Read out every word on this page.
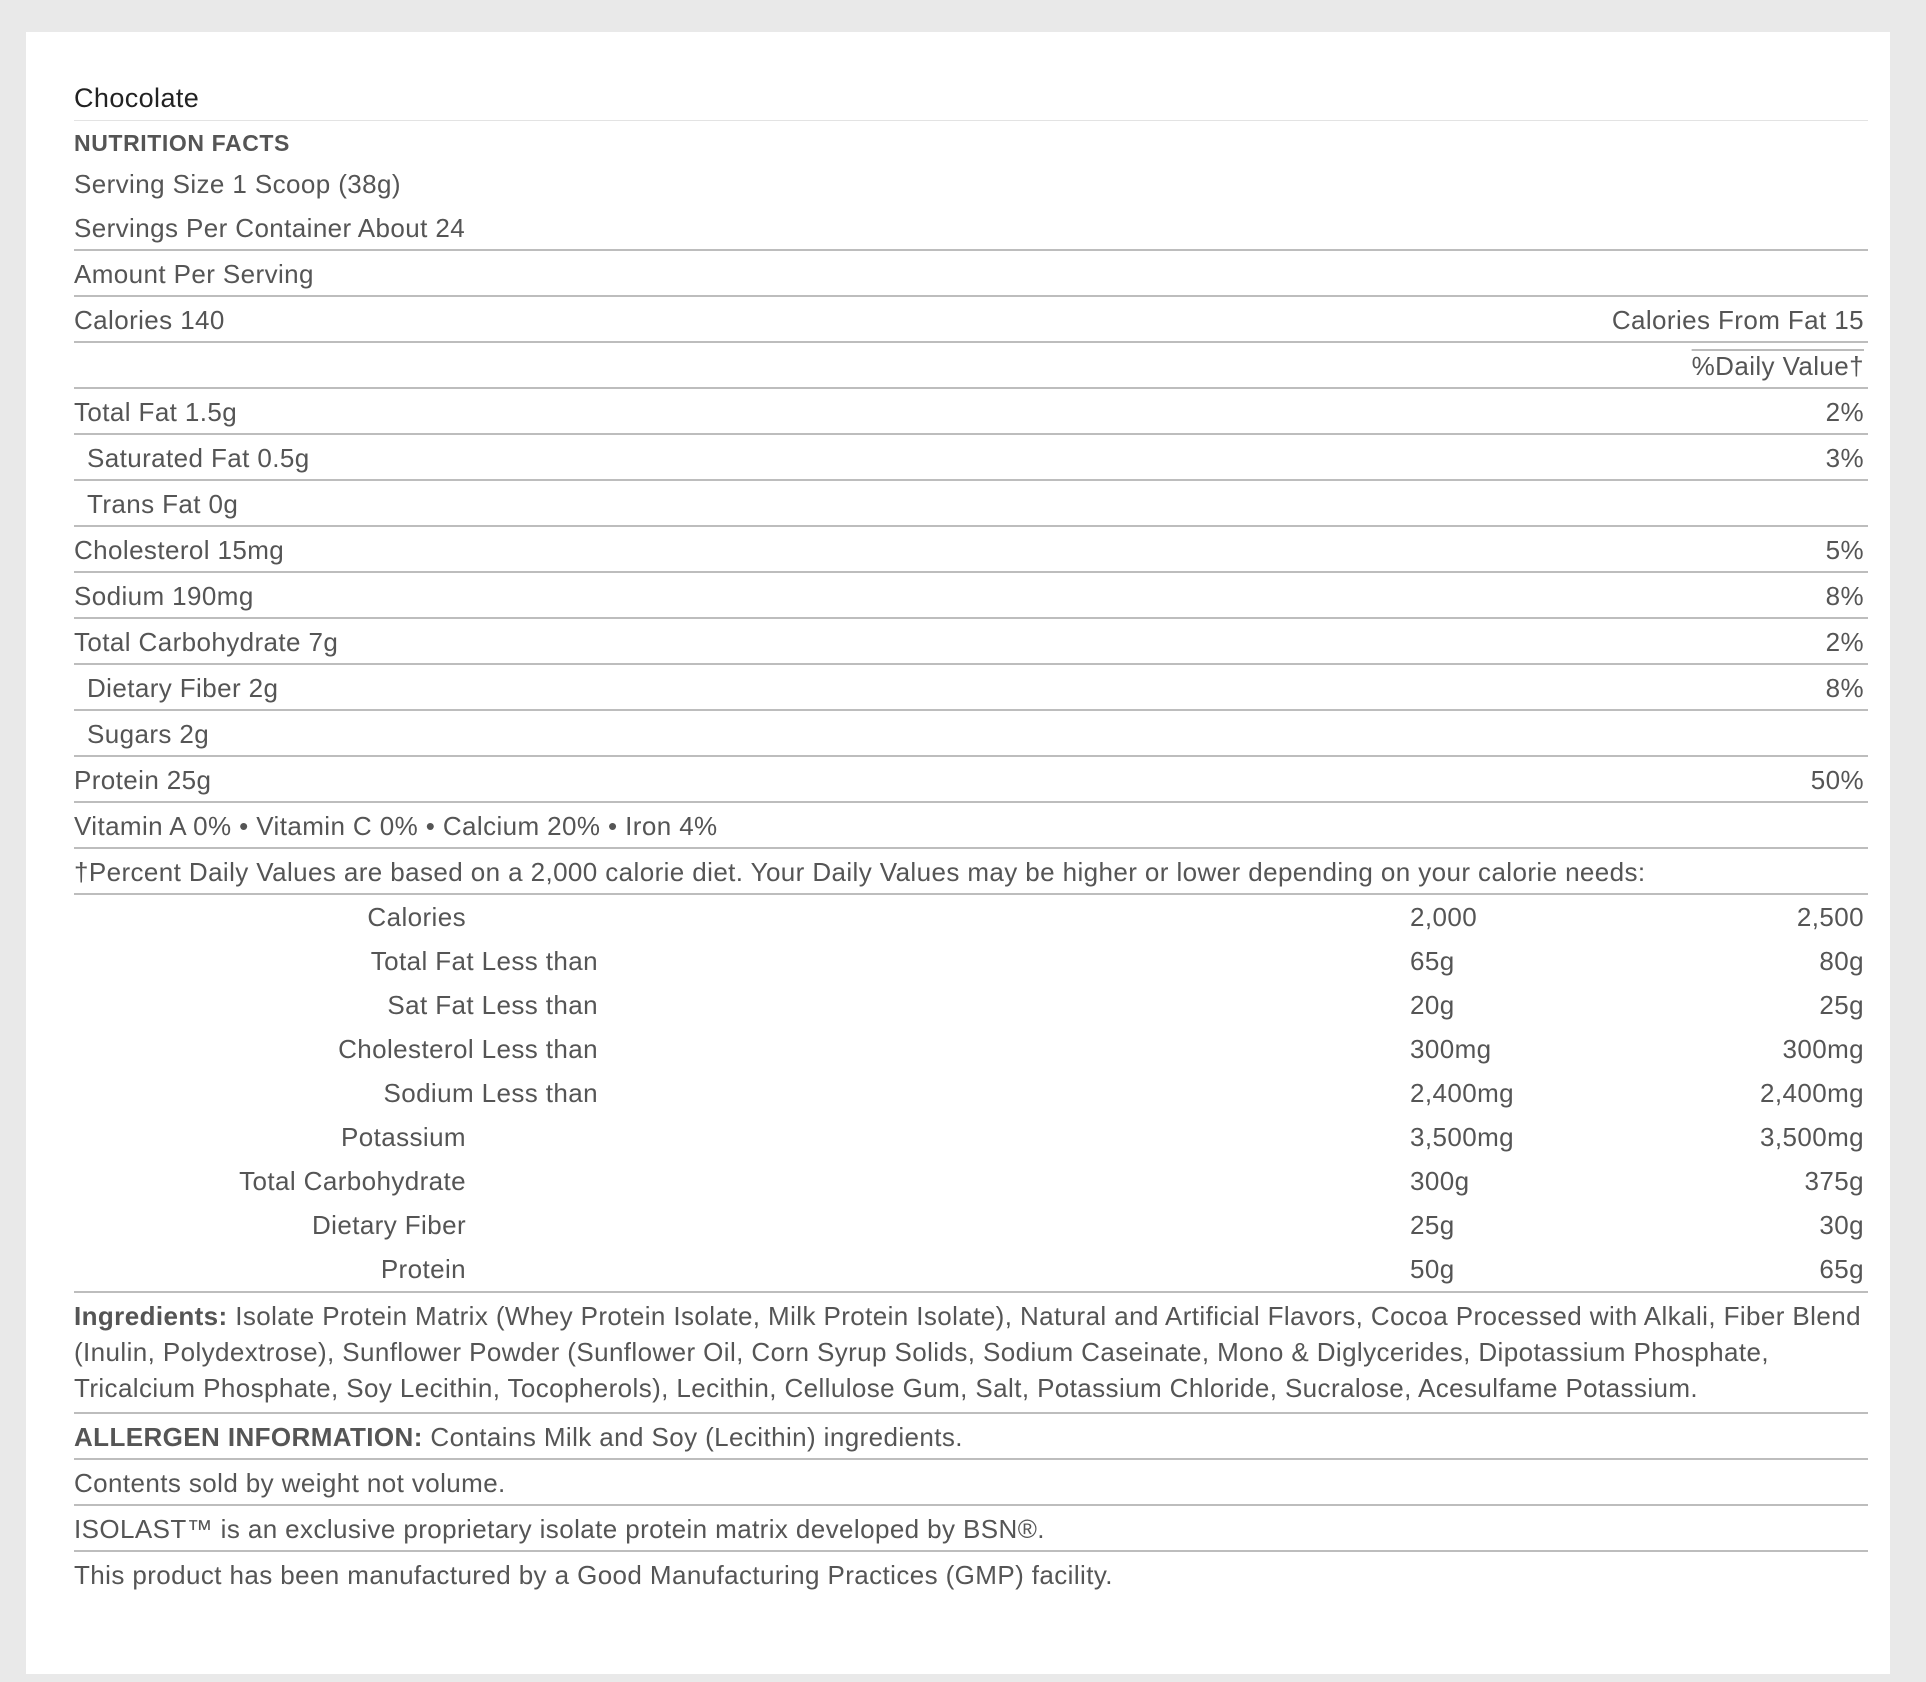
Chocolate
NUTRITION FACTS
Serving Size 1 Scoop (38g)
Servings Per Container About 24
Amount Per Serving
Calories 140	Calories From Fat 15
%Daily Value†
Total Fat 1.5g	2%
Saturated Fat 0.5g	3%
Trans Fat 0g
Cholesterol 15mg	5%
Sodium 190mg	8%
Total Carbohydrate 7g	2%
Dietary Fiber 2g	8%
Sugars 2g
Protein 25g	50%
Vitamin A 0% • Vitamin C 0% • Calcium 20% • Iron 4%
†Percent Daily Values are based on a 2,000 calorie diet. Your Daily Values may be higher or lower depending on your calorie needs:
Calories	2,000	2,500
Total Fat Less than	65g	80g
Sat Fat Less than	20g	25g
Cholesterol Less than	300mg	300mg
Sodium Less than	2,400mg	2,400mg
Potassium	3,500mg	3,500mg
Total Carbohydrate	300g	375g
Dietary Fiber	25g	30g
Protein	50g	65g
Ingredients: Isolate Protein Matrix (Whey Protein Isolate, Milk Protein Isolate), Natural and Artificial Flavors, Cocoa Processed with Alkali, Fiber Blend (Inulin, Polydextrose), Sunflower Powder (Sunflower Oil, Corn Syrup Solids, Sodium Caseinate, Mono & Diglycerides, Dipotassium Phosphate, Tricalcium Phosphate, Soy Lecithin, Tocopherols), Lecithin, Cellulose Gum, Salt, Potassium Chloride, Sucralose, Acesulfame Potassium.
ALLERGEN INFORMATION: Contains Milk and Soy (Lecithin) ingredients.
Contents sold by weight not volume.
ISOLAST™ is an exclusive proprietary isolate protein matrix developed by BSN®.
This product has been manufactured by a Good Manufacturing Practices (GMP) facility.
